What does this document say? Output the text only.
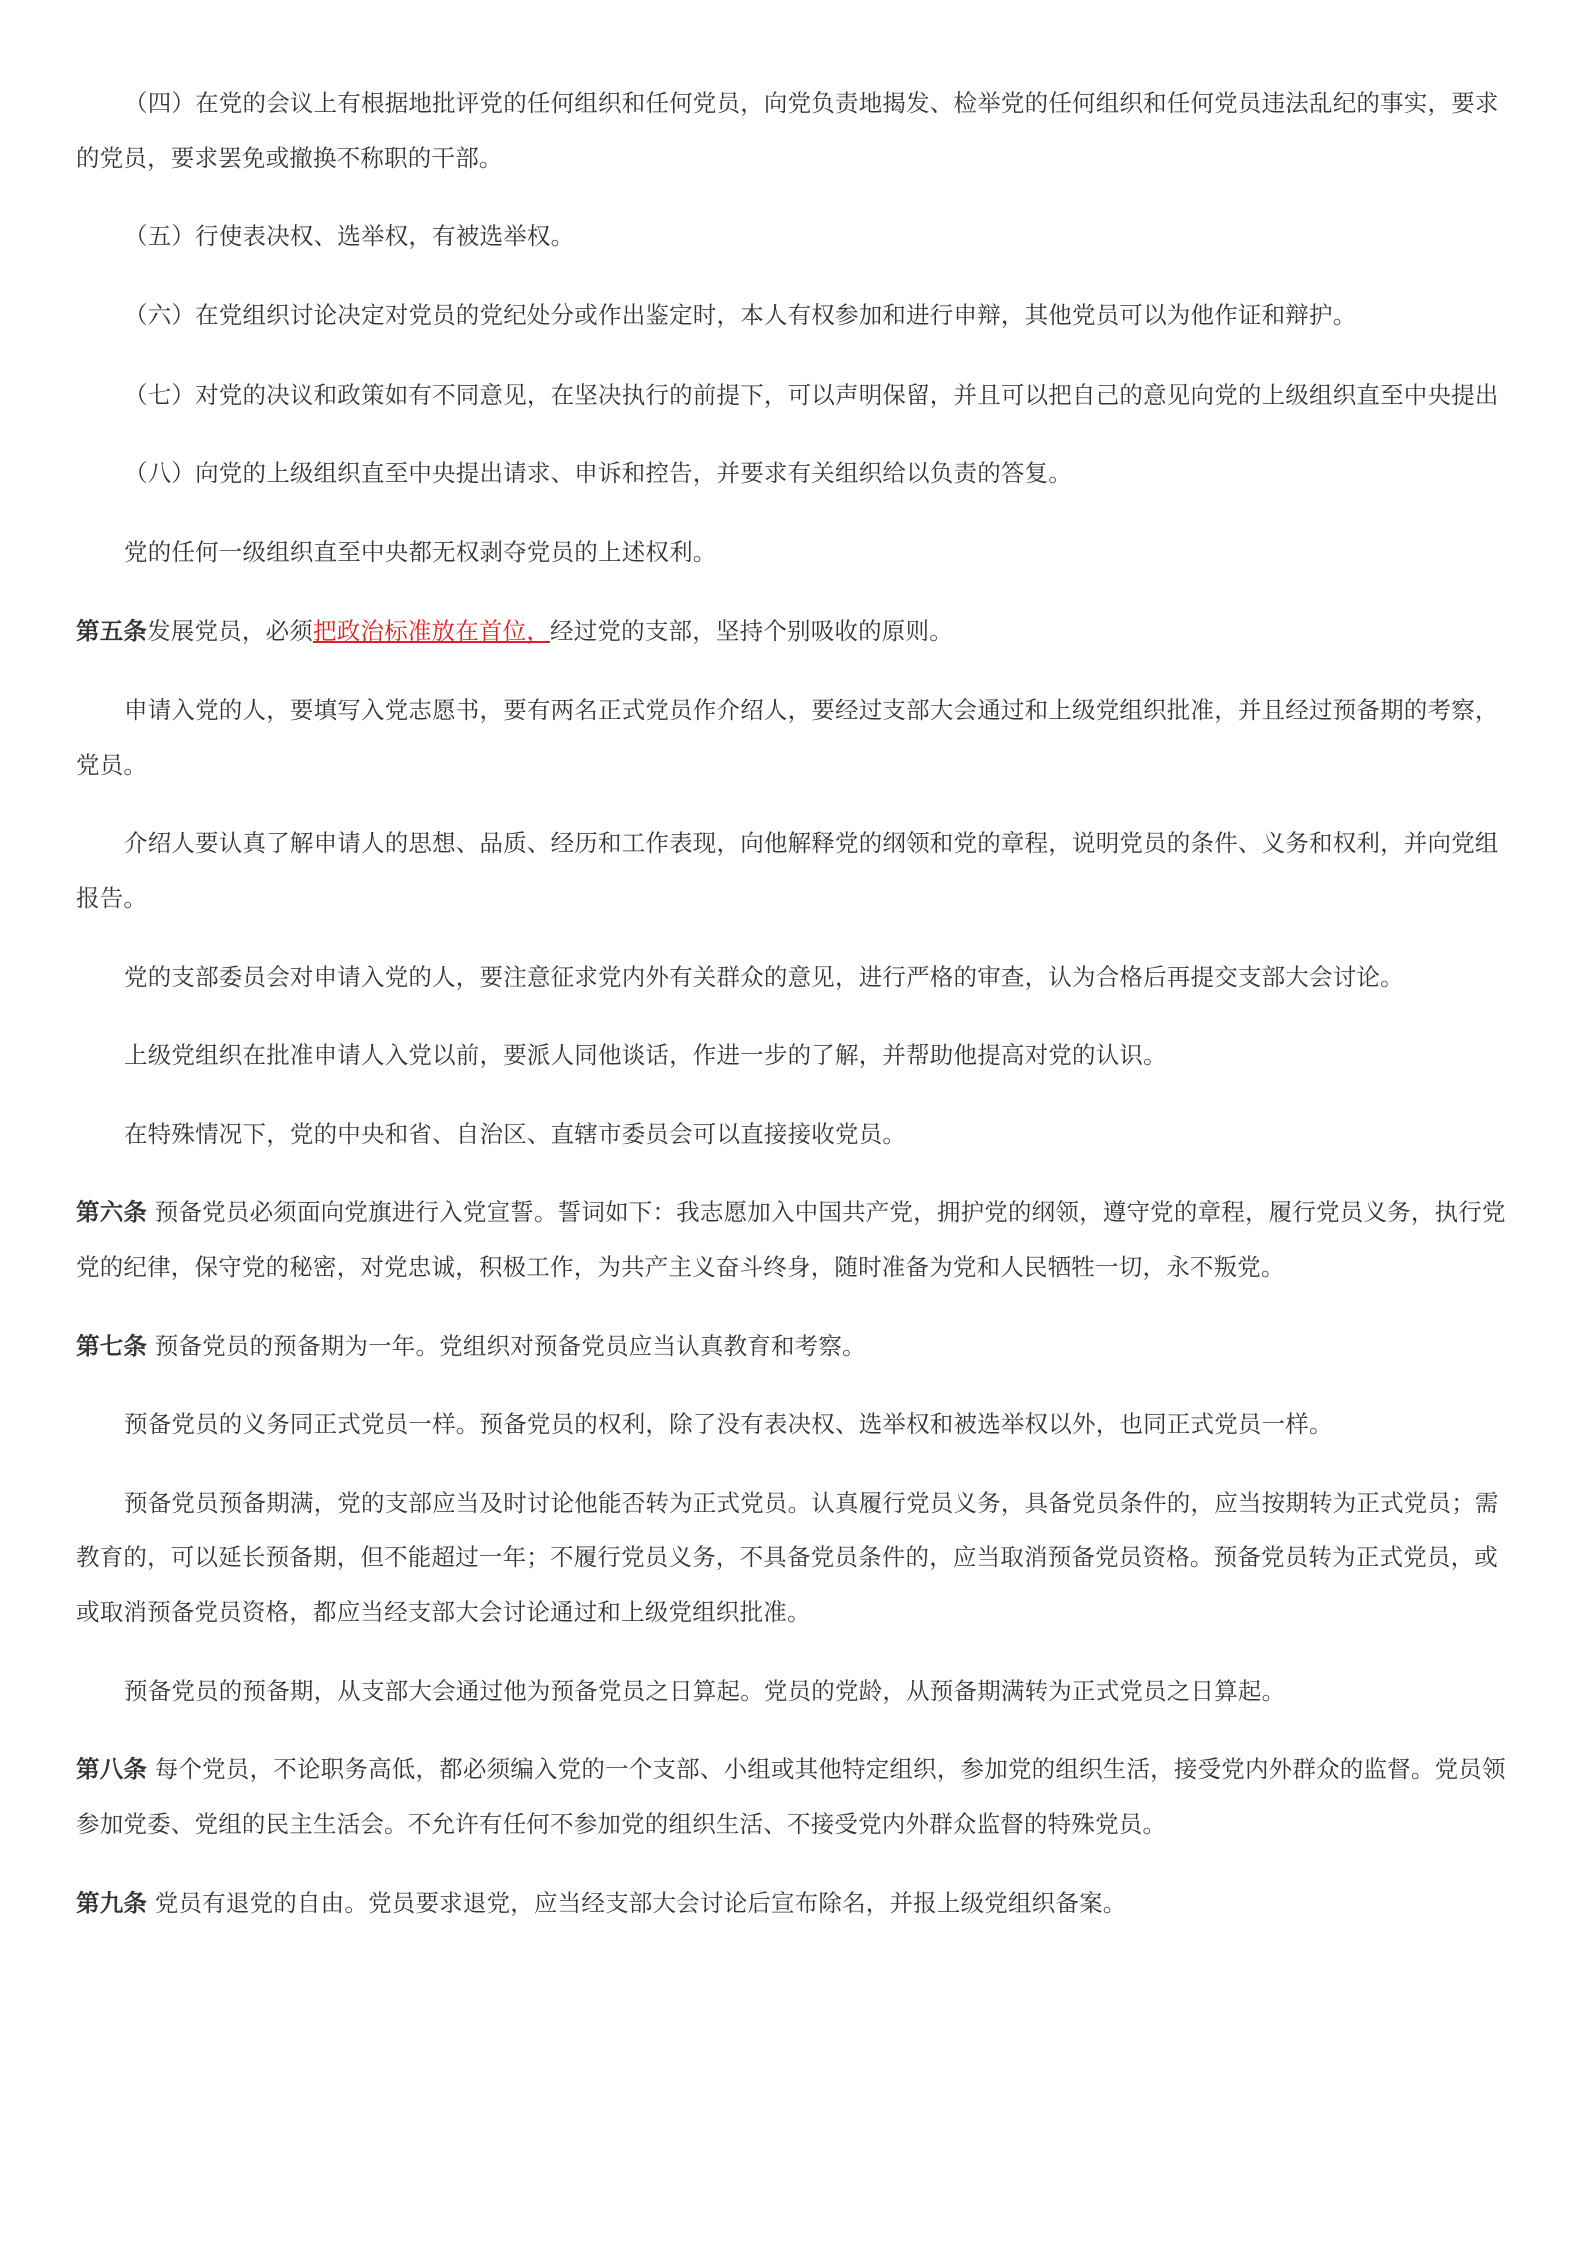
（四）在党的会议上有根据地批评党的任何组织和任何党员，向党负责地揭发、检举党的任何组织和任何党员违法乱纪的事实，要求
的党员，要求罢免或撤换不称职的干部。
（五）行使表决权、选举权，有被选举权。
（六）在党组织讨论决定对党员的党纪处分或作出鉴定时，本人有权参加和进行申辩，其他党员可以为他作证和辩护。
（七）对党的决议和政策如有不同意见，在坚决执行的前提下，可以声明保留，并且可以把自己的意见向党的上级组织直至中央提出
（八）向党的上级组织直至中央提出请求、申诉和控告，并要求有关组织给以负责的答复。
党的任何一级组织直至中央都无权剥夺党员的上述权利。
第五条发展党员，必须把政治标准放在首位，经过党的支部，坚持个别吸收的原则。
申请入党的人，要填写入党志愿书，要有两名正式党员作介绍人，要经过支部大会通过和上级党组织批准，并且经过预备期的考察，
党员。
介绍人要认真了解申请人的思想、品质、经历和工作表现，向他解释党的纲领和党的章程，说明党员的条件、义务和权利，并向党组
报告。
党的支部委员会对申请入党的人，要注意征求党内外有关群众的意见，进行严格的审查，认为合格后再提交支部大会讨论。
上级党组织在批准申请人入党以前，要派人同他谈话，作进一步的了解，并帮助他提高对党的认识。
在特殊情况下，党的中央和省、自治区、直辖市委员会可以直接接收党员。
第六条 预备党员必须面向党旗进行入党宣誓。誓词如下：我志愿加入中国共产党，拥护党的纲领，遵守党的章程，履行党员义务，执行党
党的纪律，保守党的秘密，对党忠诚，积极工作，为共产主义奋斗终身，随时准备为党和人民牺牲一切，永不叛党。
第七条 预备党员的预备期为一年。党组织对预备党员应当认真教育和考察。
预备党员的义务同正式党员一样。预备党员的权利，除了没有表决权、选举权和被选举权以外，也同正式党员一样。
预备党员预备期满，党的支部应当及时讨论他能否转为正式党员。认真履行党员义务，具备党员条件的，应当按期转为正式党员；需
教育的，可以延长预备期，但不能超过一年；不履行党员义务，不具备党员条件的，应当取消预备党员资格。预备党员转为正式党员，或
或取消预备党员资格，都应当经支部大会讨论通过和上级党组织批准。
预备党员的预备期，从支部大会通过他为预备党员之日算起。党员的党龄，从预备期满转为正式党员之日算起。
第八条 每个党员，不论职务高低，都必须编入党的一个支部、小组或其他特定组织，参加党的组织生活，接受党内外群众的监督。党员领
参加党委、党组的民主生活会。不允许有任何不参加党的组织生活、不接受党内外群众监督的特殊党员。
第九条 党员有退党的自由。党员要求退党，应当经支部大会讨论后宣布除名，并报上级党组织备案。
